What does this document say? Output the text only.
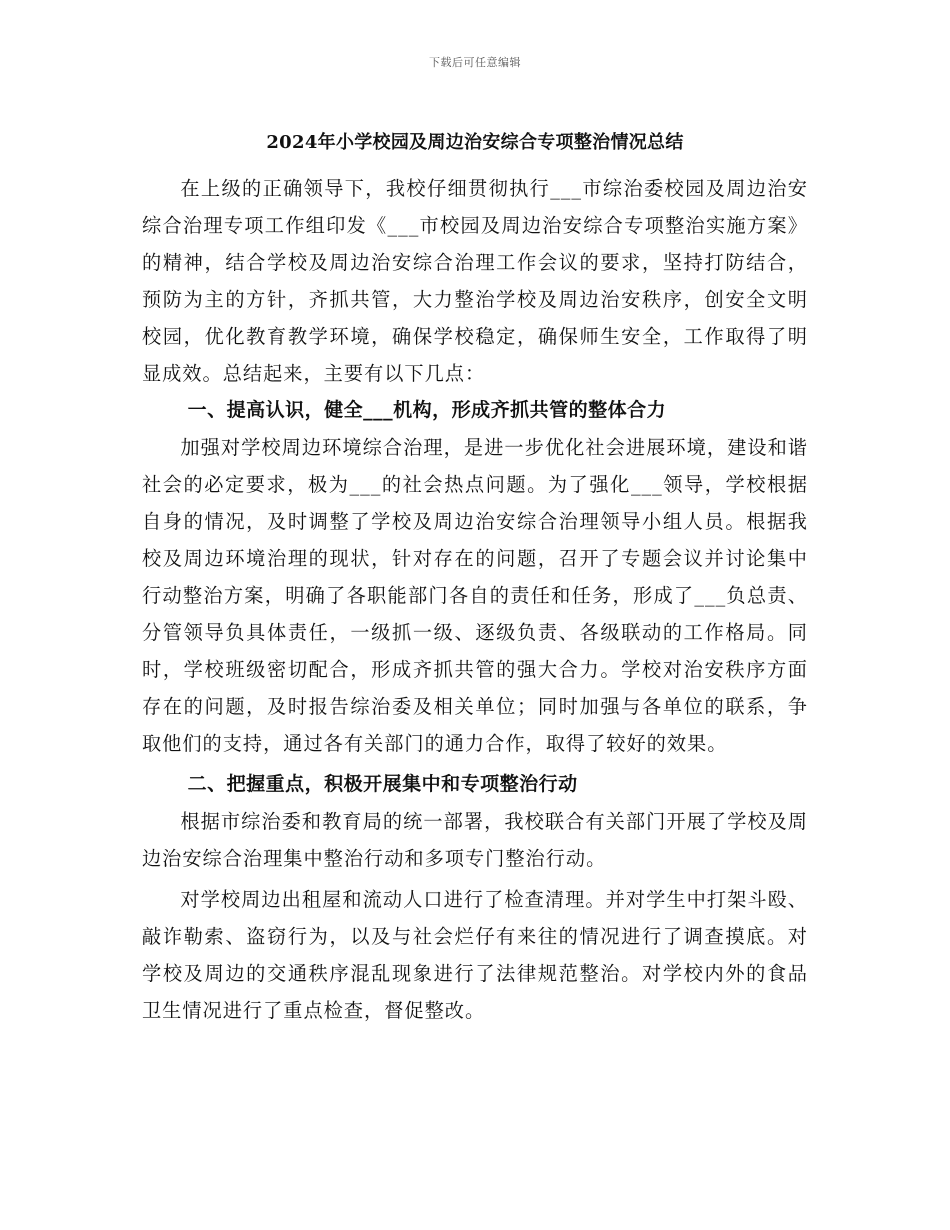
下载后可任意编辑
2024年小学校园及周边治安综合专项整治情况总结

在上级的正确领导下，我校仔细贯彻执行___市综治委校园及周边治安综合治理专项工作组印发《___市校园及周边治安综合专项整治实施方案》的精神，结合学校及周边治安综合治理工作会议的要求，坚持打防结合，预防为主的方针，齐抓共管，大力整治学校及周边治安秩序，创安全文明校园，优化教育教学环境，确保学校稳定，确保师生安全，工作取得了明显成效。总结起来，主要有以下几点：

一、提高认识，健全___机构，形成齐抓共管的整体合力

加强对学校周边环境综合治理，是进一步优化社会进展环境，建设和谐社会的必定要求，极为___的社会热点问题。为了强化___领导，学校根据自身的情况，及时调整了学校及周边治安综合治理领导小组人员。根据我校及周边环境治理的现状，针对存在的问题，召开了专题会议并讨论集中行动整治方案，明确了各职能部门各自的责任和任务，形成了___负总责、分管领导负具体责任，一级抓一级、逐级负责、各级联动的工作格局。同时，学校班级密切配合，形成齐抓共管的强大合力。学校对治安秩序方面存在的问题，及时报告综治委及相关单位；同时加强与各单位的联系，争取他们的支持，通过各有关部门的通力合作，取得了较好的效果。

二、把握重点，积极开展集中和专项整治行动

根据市综治委和教育局的统一部署，我校联合有关部门开展了学校及周边治安综合治理集中整治行动和多项专门整治行动。

对学校周边出租屋和流动人口进行了检查清理。并对学生中打架斗殴、敲诈勒索、盗窃行为，以及与社会烂仔有来往的情况进行了调查摸底。对学校及周边的交通秩序混乱现象进行了法律规范整治。对学校内外的食品卫生情况进行了重点检查，督促整改。
